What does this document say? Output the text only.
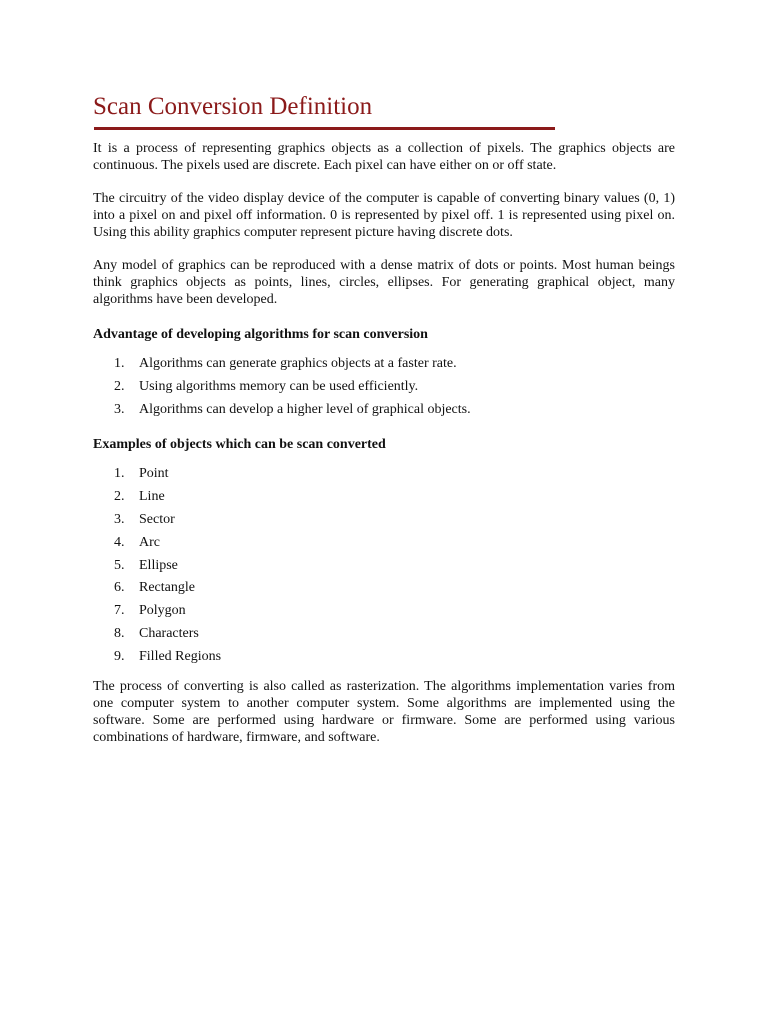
Scan Conversion Definition

It is a process of representing graphics objects as a collection of pixels. The graphics objects are continuous. The pixels used are discrete. Each pixel can have either on or off state.

The circuitry of the video display device of the computer is capable of converting binary values (0, 1) into a pixel on and pixel off information. 0 is represented by pixel off. 1 is represented using pixel on. Using this ability graphics computer represent picture having discrete dots.

Any model of graphics can be reproduced with a dense matrix of dots or points. Most human beings think graphics objects as points, lines, circles, ellipses. For generating graphical object, many algorithms have been developed.

Advantage of developing algorithms for scan conversion

1.	Algorithms can generate graphics objects at a faster rate.
2.	Using algorithms memory can be used efficiently.
3.	Algorithms can develop a higher level of graphical objects.

Examples of objects which can be scan converted

1.	Point
2.	Line
3.	Sector
4.	Arc
5.	Ellipse
6.	Rectangle
7.	Polygon
8.	Characters
9.	Filled Regions

The process of converting is also called as rasterization. The algorithms implementation varies from one computer system to another computer system. Some algorithms are implemented using the software. Some are performed using hardware or firmware. Some are performed using various combinations of hardware, firmware, and software.
